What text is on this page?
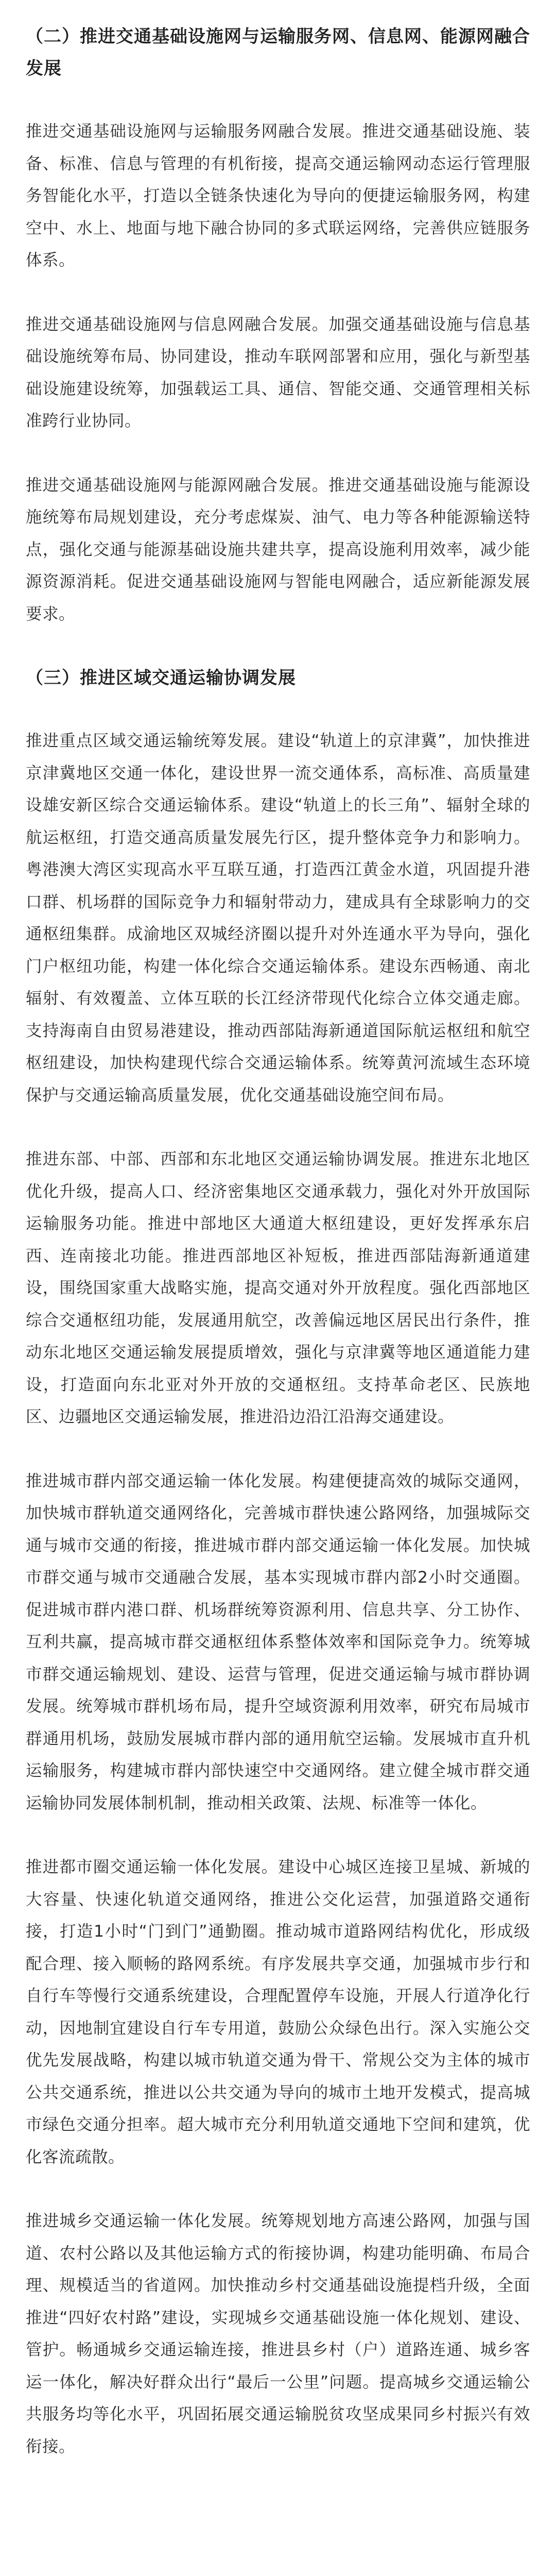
（二）推进交通基础设施网与运输服务网、信息网、能源网融合发展

推进交通基础设施网与运输服务网融合发展。推进交通基础设施、装备、标准、信息与管理的有机衔接，提高交通运输网动态运行管理服务智能化水平，打造以全链条快速化为导向的便捷运输服务网，构建空中、水上、地面与地下融合协同的多式联运网络，完善供应链服务体系。

推进交通基础设施网与信息网融合发展。加强交通基础设施与信息基础设施统筹布局、协同建设，推动车联网部署和应用，强化与新型基础设施建设统筹，加强载运工具、通信、智能交通、交通管理相关标准跨行业协同。

推进交通基础设施网与能源网融合发展。推进交通基础设施与能源设施统筹布局规划建设，充分考虑煤炭、油气、电力等各种能源输送特点，强化交通与能源基础设施共建共享，提高设施利用效率，减少能源资源消耗。促进交通基础设施网与智能电网融合，适应新能源发展要求。

（三）推进区域交通运输协调发展

推进重点区域交通运输统筹发展。建设“轨道上的京津冀”，加快推进京津冀地区交通一体化，建设世界一流交通体系，高标准、高质量建设雄安新区综合交通运输体系。建设“轨道上的长三角”、辐射全球的航运枢纽，打造交通高质量发展先行区，提升整体竞争力和影响力。粤港澳大湾区实现高水平互联互通，打造西江黄金水道，巩固提升港口群、机场群的国际竞争力和辐射带动力，建成具有全球影响力的交通枢纽集群。成渝地区双城经济圈以提升对外连通水平为导向，强化门户枢纽功能，构建一体化综合交通运输体系。建设东西畅通、南北辐射、有效覆盖、立体互联的长江经济带现代化综合立体交通走廊。支持海南自由贸易港建设，推动西部陆海新通道国际航运枢纽和航空枢纽建设，加快构建现代综合交通运输体系。统筹黄河流域生态环境保护与交通运输高质量发展，优化交通基础设施空间布局。

推进东部、中部、西部和东北地区交通运输协调发展。推进东北地区优化升级，提高人口、经济密集地区交通承载力，强化对外开放国际运输服务功能。推进中部地区大通道大枢纽建设，更好发挥承东启西、连南接北功能。推进西部地区补短板，推进西部陆海新通道建设，围绕国家重大战略实施，提高交通对外开放程度。强化西部地区综合交通枢纽功能，发展通用航空，改善偏远地区居民出行条件，推动东北地区交通运输发展提质增效，强化与京津冀等地区通道能力建设，打造面向东北亚对外开放的交通枢纽。支持革命老区、民族地区、边疆地区交通运输发展，推进沿边沿江沿海交通建设。

推进城市群内部交通运输一体化发展。构建便捷高效的城际交通网，加快城市群轨道交通网络化，完善城市群快速公路网络，加强城际交通与城市交通的衔接，推进城市群内部交通运输一体化发展。加快城市群交通与城市交通融合发展，基本实现城市群内部2小时交通圈。促进城市群内港口群、机场群统筹资源利用、信息共享、分工协作、互利共赢，提高城市群交通枢纽体系整体效率和国际竞争力。统筹城市群交通运输规划、建设、运营与管理，促进交通运输与城市群协调发展。统筹城市群机场布局，提升空域资源利用效率，研究布局城市群通用机场，鼓励发展城市群内部的通用航空运输。发展城市直升机运输服务，构建城市群内部快速空中交通网络。建立健全城市群交通运输协同发展体制机制，推动相关政策、法规、标准等一体化。

推进都市圈交通运输一体化发展。建设中心城区连接卫星城、新城的大容量、快速化轨道交通网络，推进公交化运营，加强道路交通衔接，打造1小时“门到门”通勤圈。推动城市道路网结构优化，形成级配合理、接入顺畅的路网系统。有序发展共享交通，加强城市步行和自行车等慢行交通系统建设，合理配置停车设施，开展人行道净化行动，因地制宜建设自行车专用道，鼓励公众绿色出行。深入实施公交优先发展战略，构建以城市轨道交通为骨干、常规公交为主体的城市公共交通系统，推进以公共交通为导向的城市土地开发模式，提高城市绿色交通分担率。超大城市充分利用轨道交通地下空间和建筑，优化客流疏散。

推进城乡交通运输一体化发展。统筹规划地方高速公路网，加强与国道、农村公路以及其他运输方式的衔接协调，构建功能明确、布局合理、规模适当的省道网。加快推动乡村交通基础设施提档升级，全面推进“四好农村路”建设，实现城乡交通基础设施一体化规划、建设、管护。畅通城乡交通运输连接，推进县乡村（户）道路连通、城乡客运一体化，解决好群众出行“最后一公里”问题。提高城乡交通运输公共服务均等化水平，巩固拓展交通运输脱贫攻坚成果同乡村振兴有效衔接。
